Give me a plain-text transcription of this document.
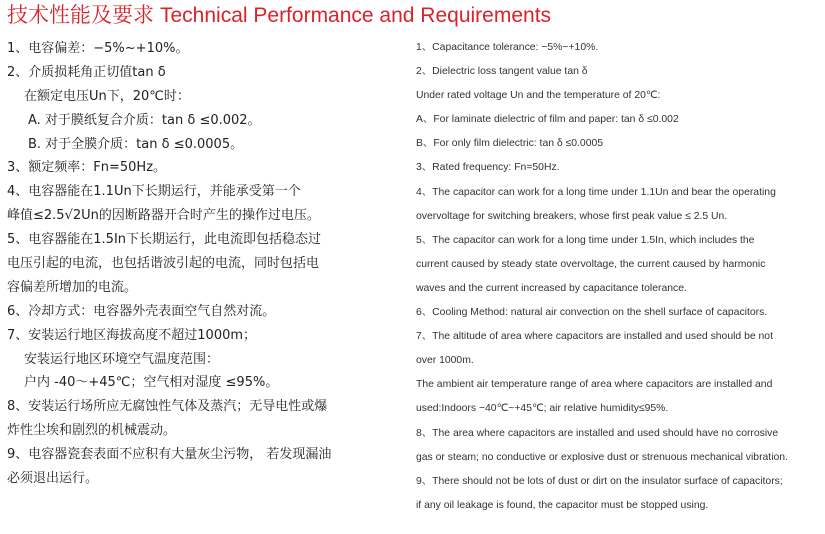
技术性能及要求 Technical Performance and Requirements
1、电容偏差：−5%~+10%。
2、介质损耗角正切值tan δ
在额定电压Un下，20℃时：
A. 对于膜纸复合介质：tan δ ≤0.002。
B. 对于全膜介质：tan δ ≤0.0005。
3、额定频率：Fn=50Hz。
4、电容器能在1.1Un下长期运行，并能承受第一个
峰值≤2.5√2Un的因断路器开合时产生的操作过电压。
5、电容器能在1.5In下长期运行，此电流即包括稳态过
电压引起的电流，也包括谐波引起的电流，同时包括电
容偏差所增加的电流。
6、冷却方式：电容器外壳表面空气自然对流。
7、安装运行地区海拔高度不超过1000m；
安装运行地区环境空气温度范围：
户内 -40～+45℃；空气相对湿度 ≤95%。
8、安装运行场所应无腐蚀性气体及蒸汽；无导电性或爆
炸性尘埃和剧烈的机械震动。
9、电容器瓷套表面不应积有大量灰尘污物， 若发现漏油
必须退出运行。
1、Capacitance tolerance: −5%~+10%.
2、Dielectric loss tangent value tan δ
Under rated voltage Un and the temperature of 20℃:
A、For laminate dielectric of film and paper: tan δ ≤0.002
B、For only film dielectric: tan δ ≤0.0005
3、Rated frequency: Fn=50Hz.
4、The capacitor can work for a long time under 1.1Un and bear the operating
overvoltage for switching breakers, whose first peak value ≤ 2.5 Un.
5、The capacitor can work for a long time under 1.5In, which includes the
current caused by steady state overvoltage, the current caused by harmonic
waves and the current increased by capacitance tolerance.
6、Cooling Method: natural air convection on the shell surface of capacitors.
7、The altitude of area where capacitors are installed and used should be not
over 1000m.
The ambient air temperature range of area where capacitors are installed and
used:Indoors −40℃~+45℃; air relative humidity≤95%.
8、The area where capacitors are installed and used should have no corrosive
gas or steam; no conductive or explosive dust or strenuous mechanical vibration.
9、There should not be lots of dust or dirt on the insulator surface of capacitors;
if any oil leakage is found, the capacitor must be stopped using.
